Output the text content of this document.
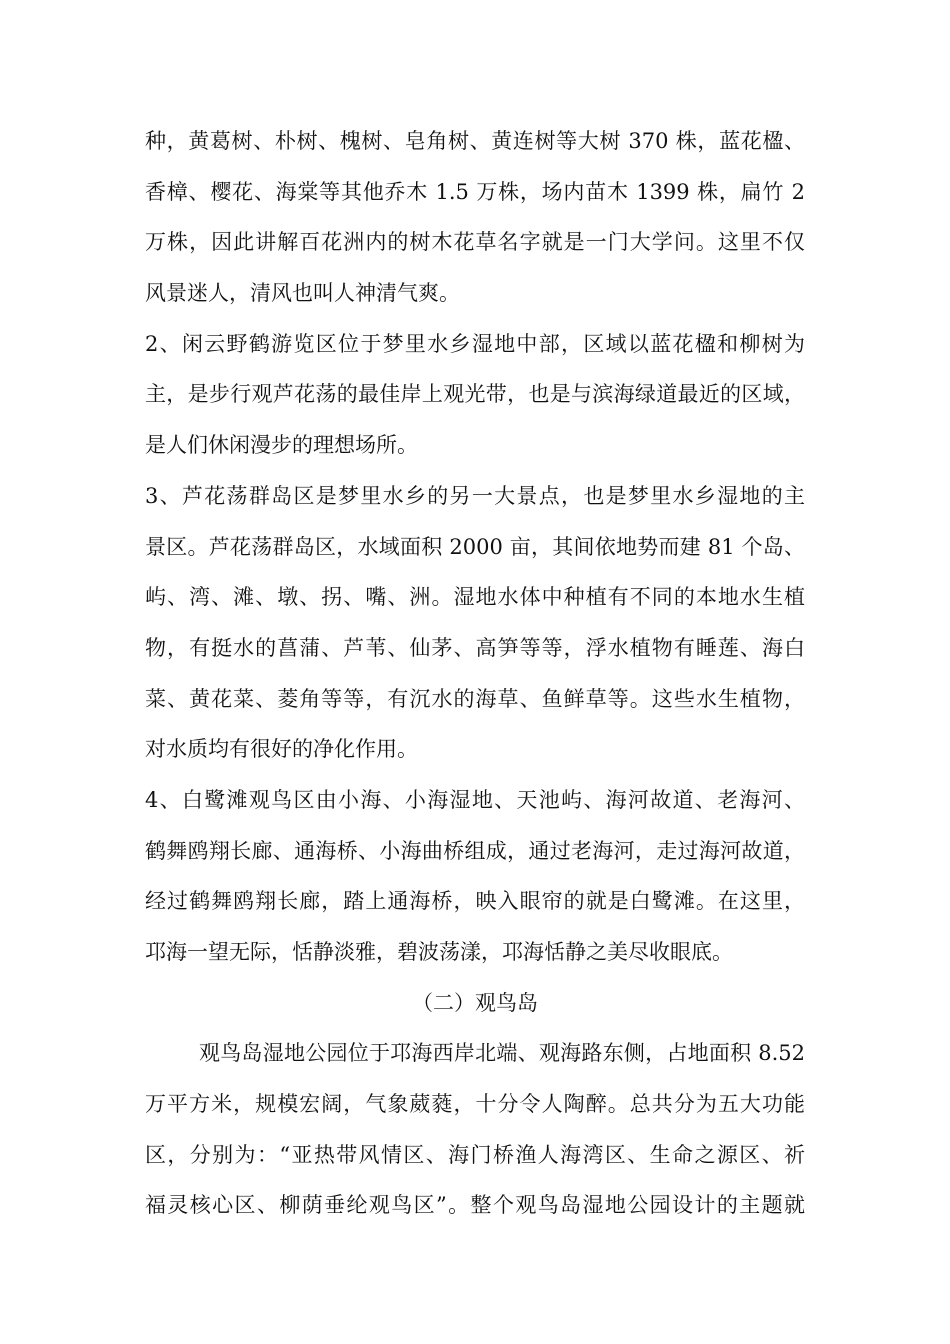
种，黄葛树、朴树、槐树、皂角树、黄连树等大树 370 株，蓝花楹、
香樟、樱花、海棠等其他乔木 1.5 万株，场内苗木 1399 株，扁竹 2
万株，因此讲解百花洲内的树木花草名字就是一门大学问。这里不仅
风景迷人，清风也叫人神清气爽。
2、闲云野鹤游览区位于梦里水乡湿地中部，区域以蓝花楹和柳树为
主，是步行观芦花荡的最佳岸上观光带，也是与滨海绿道最近的区域，
是人们休闲漫步的理想场所。
3、芦花荡群岛区是梦里水乡的另一大景点，也是梦里水乡湿地的主
景区。芦花荡群岛区，水域面积 2000 亩，其间依地势而建 81 个岛、
屿、湾、滩、墩、拐、嘴、洲。湿地水体中种植有不同的本地水生植
物，有挺水的菖蒲、芦苇、仙茅、高笋等等，浮水植物有睡莲、海白
菜、黄花菜、菱角等等，有沉水的海草、鱼鲜草等。这些水生植物，
对水质均有很好的净化作用。
4、白鹭滩观鸟区由小海、小海湿地、天池屿、海河故道、老海河、
鹤舞鸥翔长廊、通海桥、小海曲桥组成，通过老海河，走过海河故道，
经过鹤舞鸥翔长廊，踏上通海桥，映入眼帘的就是白鹭滩。在这里，
邛海一望无际，恬静淡雅，碧波荡漾，邛海恬静之美尽收眼底。
（二）观鸟岛
观鸟岛湿地公园位于邛海西岸北端、观海路东侧，占地面积 8.52
万平方米，规模宏阔，气象葳蕤，十分令人陶醉。总共分为五大功能
区，分别为：“亚热带风情区、海门桥渔人海湾区、生命之源区、祈
福灵核心区、柳荫垂纶观鸟区”。整个观鸟岛湿地公园设计的主题就
